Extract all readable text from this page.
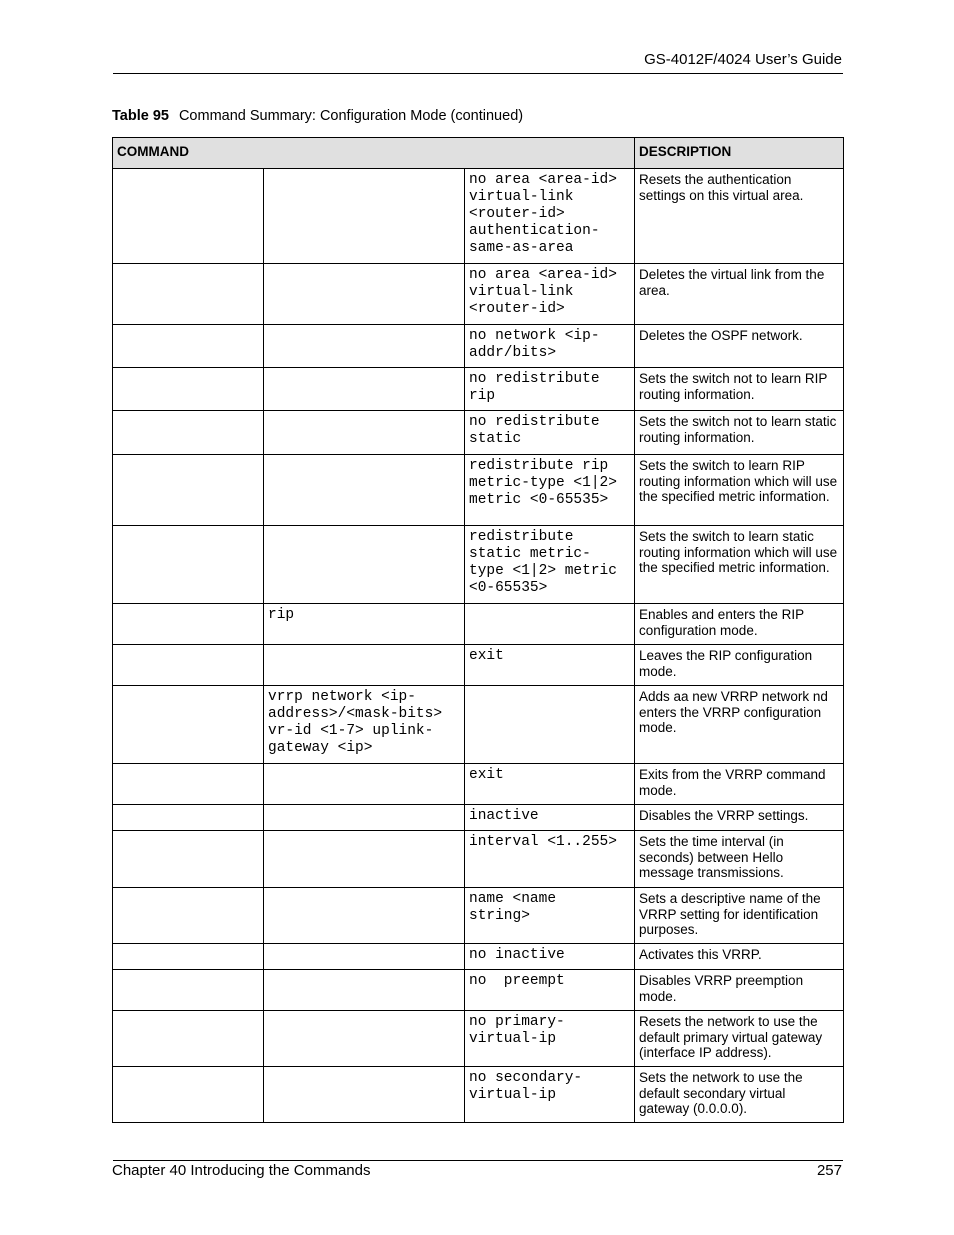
GS-4012F/4024 User’s Guide
Table 95 Command Summary: Configuration Mode (continued)
COMMAND			DESCRIPTION
		no area <area-id>
virtual-link
<router-id>
authentication-
same-as-area	Resets the authentication settings on this virtual area.
		no area <area-id>
virtual-link
<router-id>	Deletes the virtual link from the area.
		no network <ip-
addr/bits>	Deletes the OSPF network.
		no redistribute
rip	Sets the switch not to learn RIP routing information.
		no redistribute
static	Sets the switch not to learn static routing information.
		redistribute rip
metric-type <1|2>
metric <0-65535>	Sets the switch to learn RIP routing information which will use the specified metric information.
		redistribute
static metric-
type <1|2> metric
<0-65535>	Sets the switch to learn static routing information which will use the specified metric information.
	rip		Enables and enters the RIP configuration mode.
		exit	Leaves the RIP configuration mode.
	vrrp network <ip-
address>/<mask-bits>
vr-id <1-7> uplink-
gateway <ip>		Adds aa new VRRP network nd enters the VRRP configuration mode.
		exit	Exits from the VRRP command mode.
		inactive	Disables the VRRP settings.
		interval <1..255>	Sets the time interval (in seconds) between Hello message transmissions.
		name <name
string>	Sets a descriptive name of the VRRP setting for identification purposes.
		no inactive	Activates this VRRP.
		no  preempt	Disables VRRP preemption mode.
		no primary-
virtual-ip	Resets the network to use the default primary virtual gateway (interface IP address).
		no secondary-
virtual-ip	Sets the network to use the default secondary virtual gateway (0.0.0.0).
Chapter 40 Introducing the Commands	257
